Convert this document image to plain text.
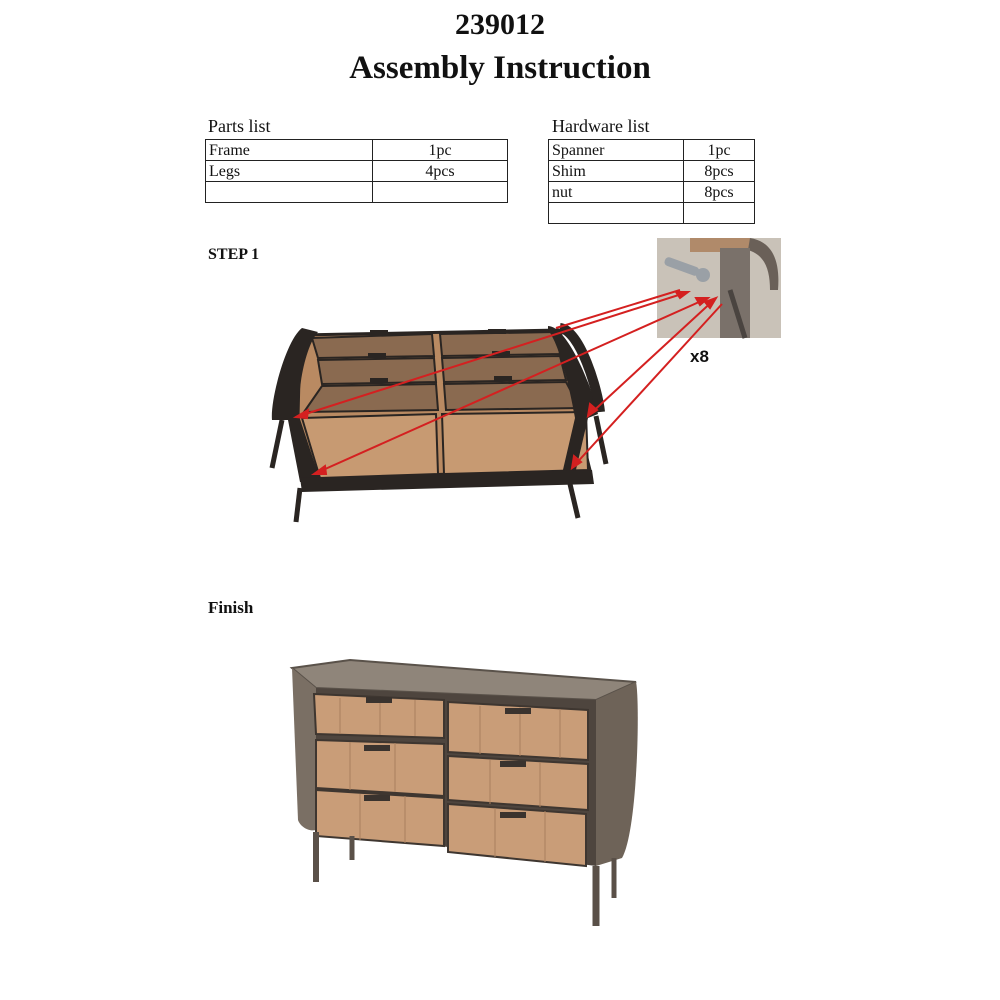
239012
Assembly Instruction
Parts list
Frame	1pc
Legs	4pcs

Hardware list
Spanner	1pc
Shim	8pcs
nut	8pcs

STEP 1
x8
Finish
